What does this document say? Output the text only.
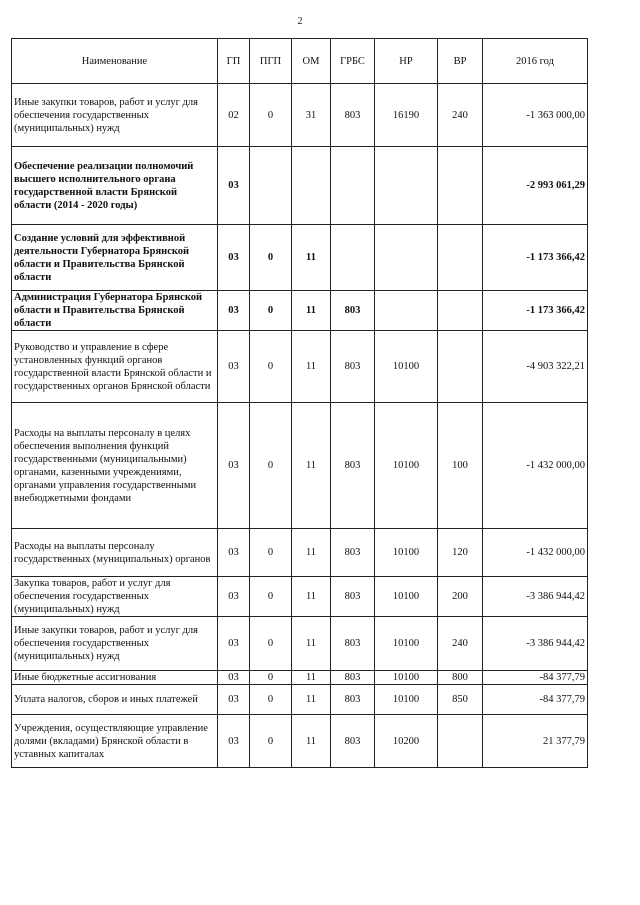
2
Наименование	ГП	ПГП	ОМ	ГРБС	НР	ВР	2016 год
Иные закупки товаров, работ и услуг для обеспечения государственных (муниципальных) нужд	02	0	31	803	16190	240	-1 363 000,00
Обеспечение реализации полномочий высшего исполнительного органа государственной власти Брянской области (2014 - 2020 годы)	03						-2 993 061,29
Создание условий для эффективной деятельности Губернатора Брянской области и Правительства Брянской области	03	0	11				-1 173 366,42
Администрация Губернатора Брянской области и Правительства Брянской области	03	0	11	803			-1 173 366,42
Руководство и управление в сфере установленных функций органов государственной власти Брянской области и государственных органов Брянской области	03	0	11	803	10100		-4 903 322,21
Расходы на выплаты персоналу в целях обеспечения выполнения функций государственными (муниципальными) органами, казенными учреждениями, органами управления государственными внебюджетными фондами	03	0	11	803	10100	100	-1 432 000,00
Расходы на выплаты персоналу государственных (муниципальных) органов	03	0	11	803	10100	120	-1 432 000,00
Закупка товаров, работ и услуг для обеспечения государственных (муниципальных) нужд	03	0	11	803	10100	200	-3 386 944,42
Иные закупки товаров, работ и услуг для обеспечения государственных (муниципальных) нужд	03	0	11	803	10100	240	-3 386 944,42
Иные бюджетные ассигнования	03	0	11	803	10100	800	-84 377,79
Уплата налогов, сборов и иных платежей	03	0	11	803	10100	850	-84 377,79
Учреждения, осуществляющие управление долями (вкладами) Брянской области в уставных капиталах	03	0	11	803	10200		21 377,79
